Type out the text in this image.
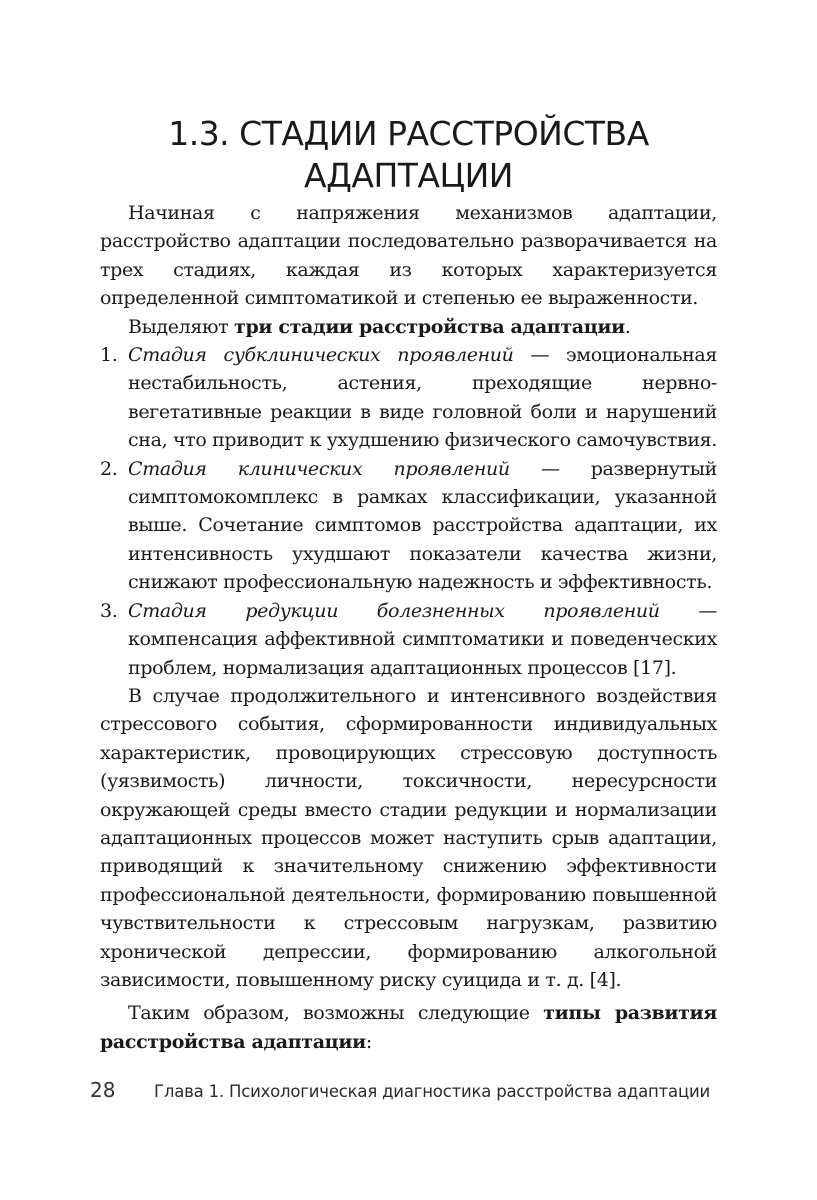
1.3. СТАДИИ РАССТРОЙСТВА
АДАПТАЦИИ

Начиная с напряжения механизмов адаптации, расстройство адаптации последовательно разворачивается на трех стадиях, каждая из которых характеризуется определенной симптоматикой и степенью ее выраженности.

Выделяют три стадии расстройства адаптации.

1. Стадия субклинических проявлений — эмоциональная нестабильность, астения, преходящие нервно-вегетативные реакции в виде головной боли и нарушений сна, что приводит к ухудшению физического самочувствия.

2. Стадия клинических проявлений — развернутый симптомокомплекс в рамках классификации, указанной выше. Сочетание симптомов расстройства адаптации, их интенсивность ухудшают показатели качества жизни, снижают профессиональную надежность и эффективность.

3. Стадия редукции болезненных проявлений — компенсация аффективной симптоматики и поведенческих проблем, нормализация адаптационных процессов [17].

В случае продолжительного и интенсивного воздействия стрессового события, сформированности индивидуальных характеристик, провоцирующих стрессовую доступность (уязвимость) личности, токсичности, нересурсности окружающей среды вместо стадии редукции и нормализации адаптационных процессов может наступить срыв адаптации, приводящий к значительному снижению эффективности профессиональной деятельности, формированию повышенной чувствительности к стрессовым нагрузкам, развитию хронической депрессии, формированию алкогольной зависимости, повышенному риску суицида и т. д. [4].

Таким образом, возможны следующие типы развития расстройства адаптации:

28 Глава 1. Психологическая диагностика расстройства адаптации
